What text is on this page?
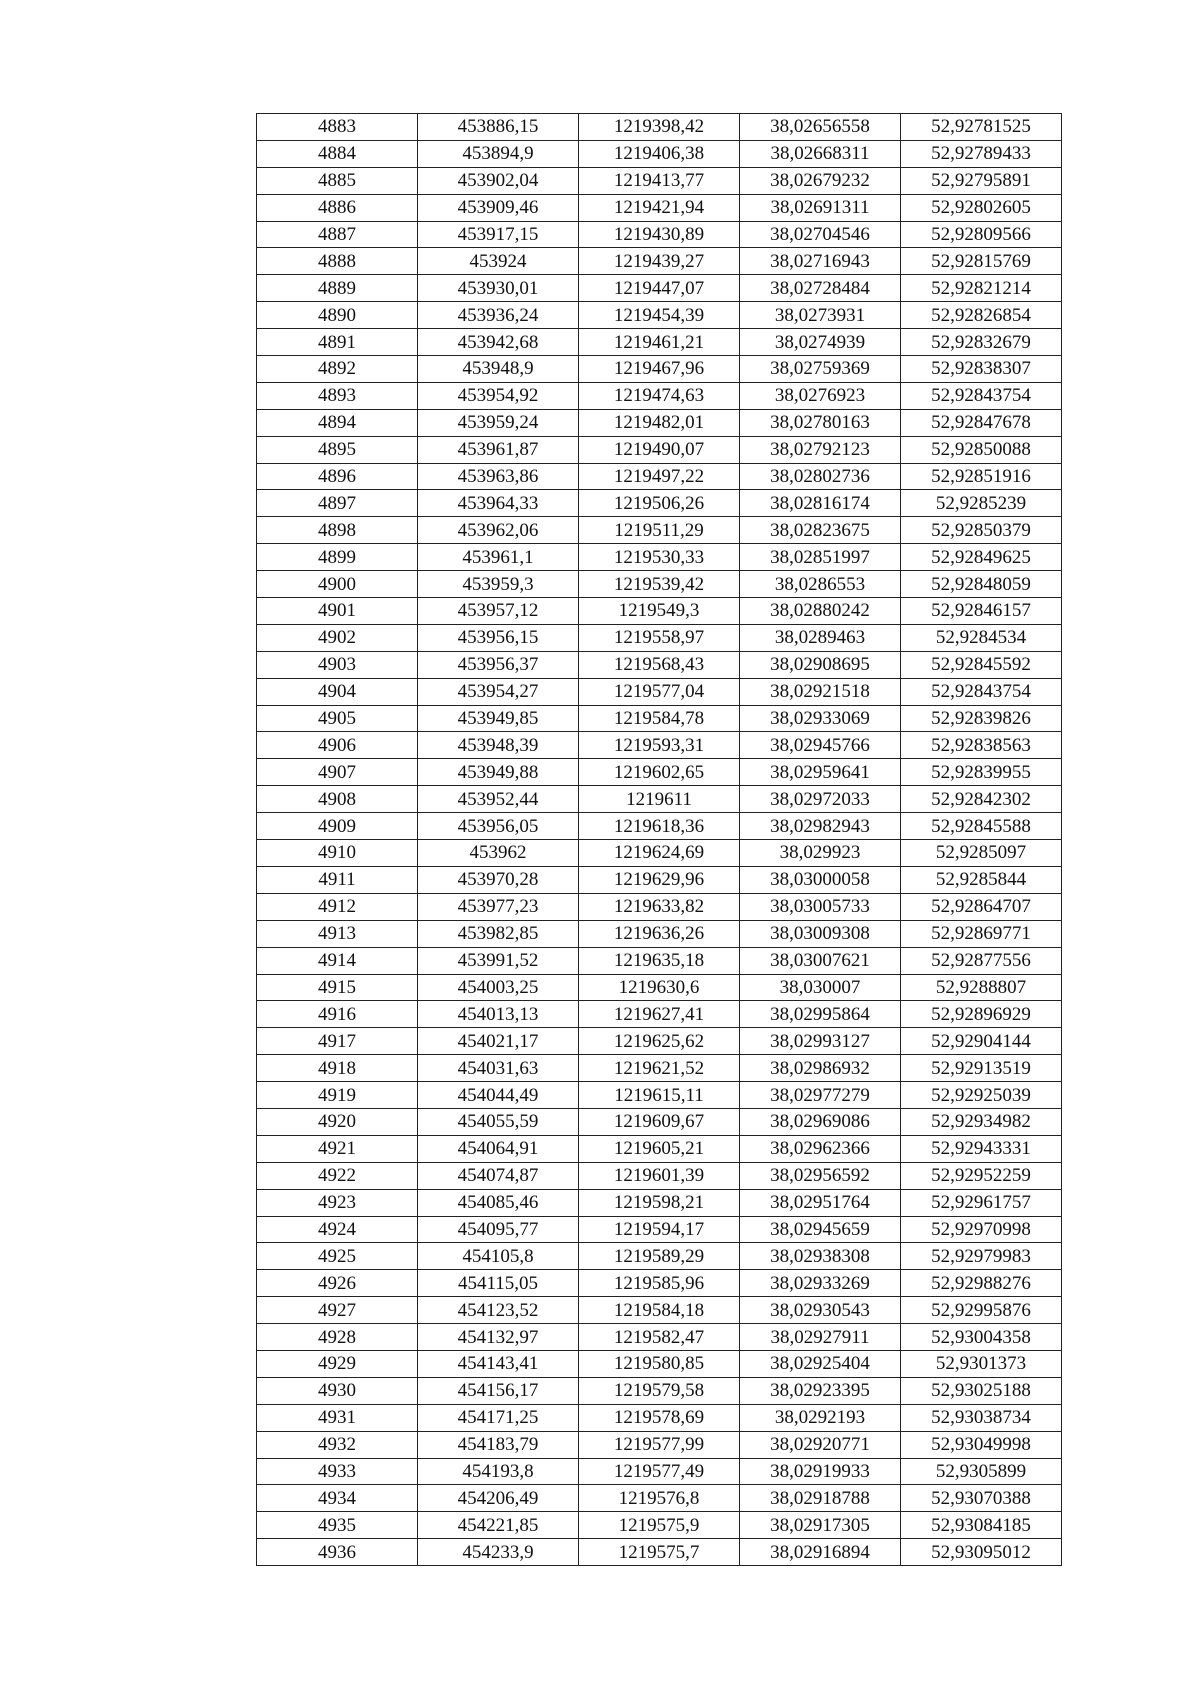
4883	453886,15	1219398,42	38,02656558	52,92781525
4884	453894,9	1219406,38	38,02668311	52,92789433
4885	453902,04	1219413,77	38,02679232	52,92795891
4886	453909,46	1219421,94	38,02691311	52,92802605
4887	453917,15	1219430,89	38,02704546	52,92809566
4888	453924	1219439,27	38,02716943	52,92815769
4889	453930,01	1219447,07	38,02728484	52,92821214
4890	453936,24	1219454,39	38,0273931	52,92826854
4891	453942,68	1219461,21	38,0274939	52,92832679
4892	453948,9	1219467,96	38,02759369	52,92838307
4893	453954,92	1219474,63	38,0276923	52,92843754
4894	453959,24	1219482,01	38,02780163	52,92847678
4895	453961,87	1219490,07	38,02792123	52,92850088
4896	453963,86	1219497,22	38,02802736	52,92851916
4897	453964,33	1219506,26	38,02816174	52,9285239
4898	453962,06	1219511,29	38,02823675	52,92850379
4899	453961,1	1219530,33	38,02851997	52,92849625
4900	453959,3	1219539,42	38,0286553	52,92848059
4901	453957,12	1219549,3	38,02880242	52,92846157
4902	453956,15	1219558,97	38,0289463	52,9284534
4903	453956,37	1219568,43	38,02908695	52,92845592
4904	453954,27	1219577,04	38,02921518	52,92843754
4905	453949,85	1219584,78	38,02933069	52,92839826
4906	453948,39	1219593,31	38,02945766	52,92838563
4907	453949,88	1219602,65	38,02959641	52,92839955
4908	453952,44	1219611	38,02972033	52,92842302
4909	453956,05	1219618,36	38,02982943	52,92845588
4910	453962	1219624,69	38,029923	52,9285097
4911	453970,28	1219629,96	38,03000058	52,9285844
4912	453977,23	1219633,82	38,03005733	52,92864707
4913	453982,85	1219636,26	38,03009308	52,92869771
4914	453991,52	1219635,18	38,03007621	52,92877556
4915	454003,25	1219630,6	38,030007	52,9288807
4916	454013,13	1219627,41	38,02995864	52,92896929
4917	454021,17	1219625,62	38,02993127	52,92904144
4918	454031,63	1219621,52	38,02986932	52,92913519
4919	454044,49	1219615,11	38,02977279	52,92925039
4920	454055,59	1219609,67	38,02969086	52,92934982
4921	454064,91	1219605,21	38,02962366	52,92943331
4922	454074,87	1219601,39	38,02956592	52,92952259
4923	454085,46	1219598,21	38,02951764	52,92961757
4924	454095,77	1219594,17	38,02945659	52,92970998
4925	454105,8	1219589,29	38,02938308	52,92979983
4926	454115,05	1219585,96	38,02933269	52,92988276
4927	454123,52	1219584,18	38,02930543	52,92995876
4928	454132,97	1219582,47	38,02927911	52,93004358
4929	454143,41	1219580,85	38,02925404	52,9301373
4930	454156,17	1219579,58	38,02923395	52,93025188
4931	454171,25	1219578,69	38,0292193	52,93038734
4932	454183,79	1219577,99	38,02920771	52,93049998
4933	454193,8	1219577,49	38,02919933	52,9305899
4934	454206,49	1219576,8	38,02918788	52,93070388
4935	454221,85	1219575,9	38,02917305	52,93084185
4936	454233,9	1219575,7	38,02916894	52,93095012
